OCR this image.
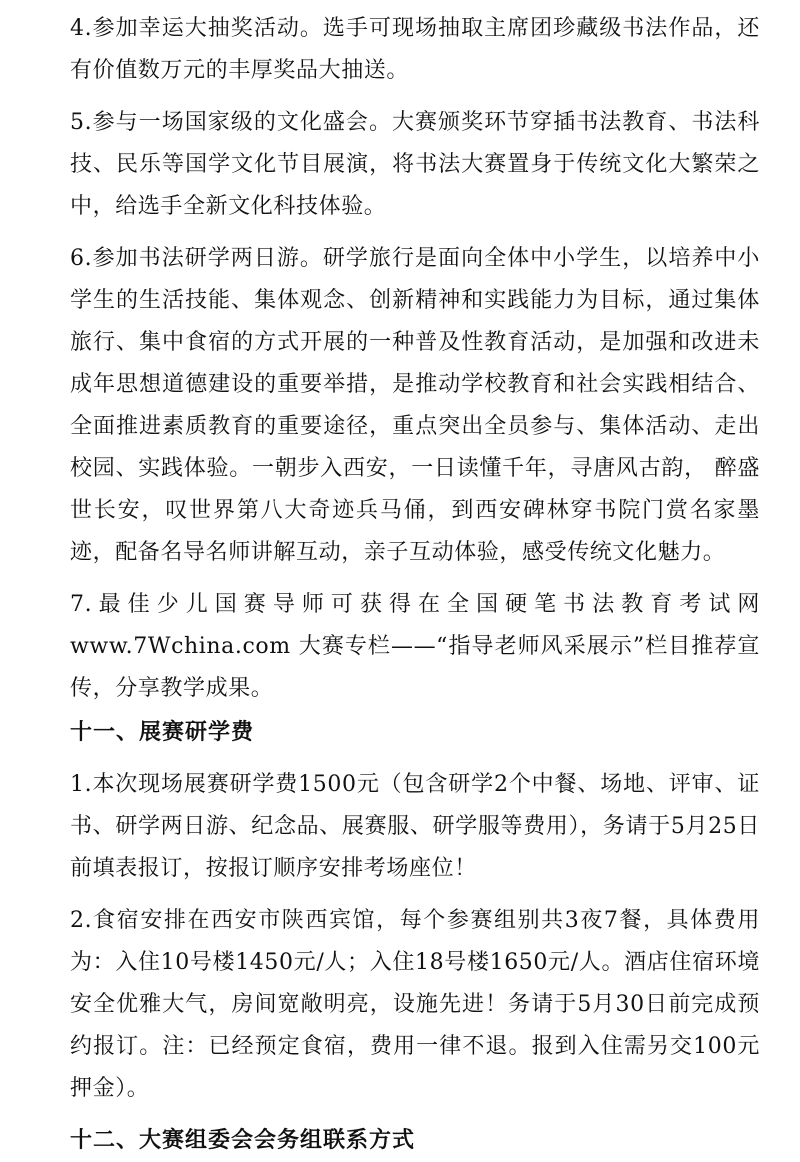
4.参加幸运大抽奖活动。选手可现场抽取主席团珍藏级书法作品，还有价值数万元的丰厚奖品大抽送。

5.参与一场国家级的文化盛会。大赛颁奖环节穿插书法教育、书法科技、民乐等国学文化节目展演，将书法大赛置身于传统文化大繁荣之中，给选手全新文化科技体验。

6.参加书法研学两日游。研学旅行是面向全体中小学生，以培养中小学生的生活技能、集体观念、创新精神和实践能力为目标，通过集体旅行、集中食宿的方式开展的一种普及性教育活动，是加强和改进未成年思想道德建设的重要举措，是推动学校教育和社会实践相结合、全面推进素质教育的重要途径，重点突出全员参与、集体活动、走出校园、实践体验。一朝步入西安，一日读懂千年，寻唐风古韵， 醉盛世长安，叹世界第八大奇迹兵马俑，到西安碑林穿书院门赏名家墨迹，配备名导名师讲解互动，亲子互动体验，感受传统文化魅力。

7.最佳少儿国赛导师可获得在全国硬笔书法教育考试网 www.7Wchina.com 大赛专栏——“指导老师风采展示”栏目推荐宣传，分享教学成果。

十一、展赛研学费

1.本次现场展赛研学费1500元（包含研学2个中餐、场地、评审、证书、研学两日游、纪念品、展赛服、研学服等费用），务请于5月25日前填表报订，按报订顺序安排考场座位！

2.食宿安排在西安市陕西宾馆，每个参赛组别共3夜7餐，具体费用为：入住10号楼1450元/人；入住18号楼1650元/人。酒店住宿环境安全优雅大气，房间宽敞明亮，设施先进！务请于5月30日前完成预约报订。注：已经预定食宿，费用一律不退。报到入住需另交100元押金）。

十二、大赛组委会会务组联系方式
